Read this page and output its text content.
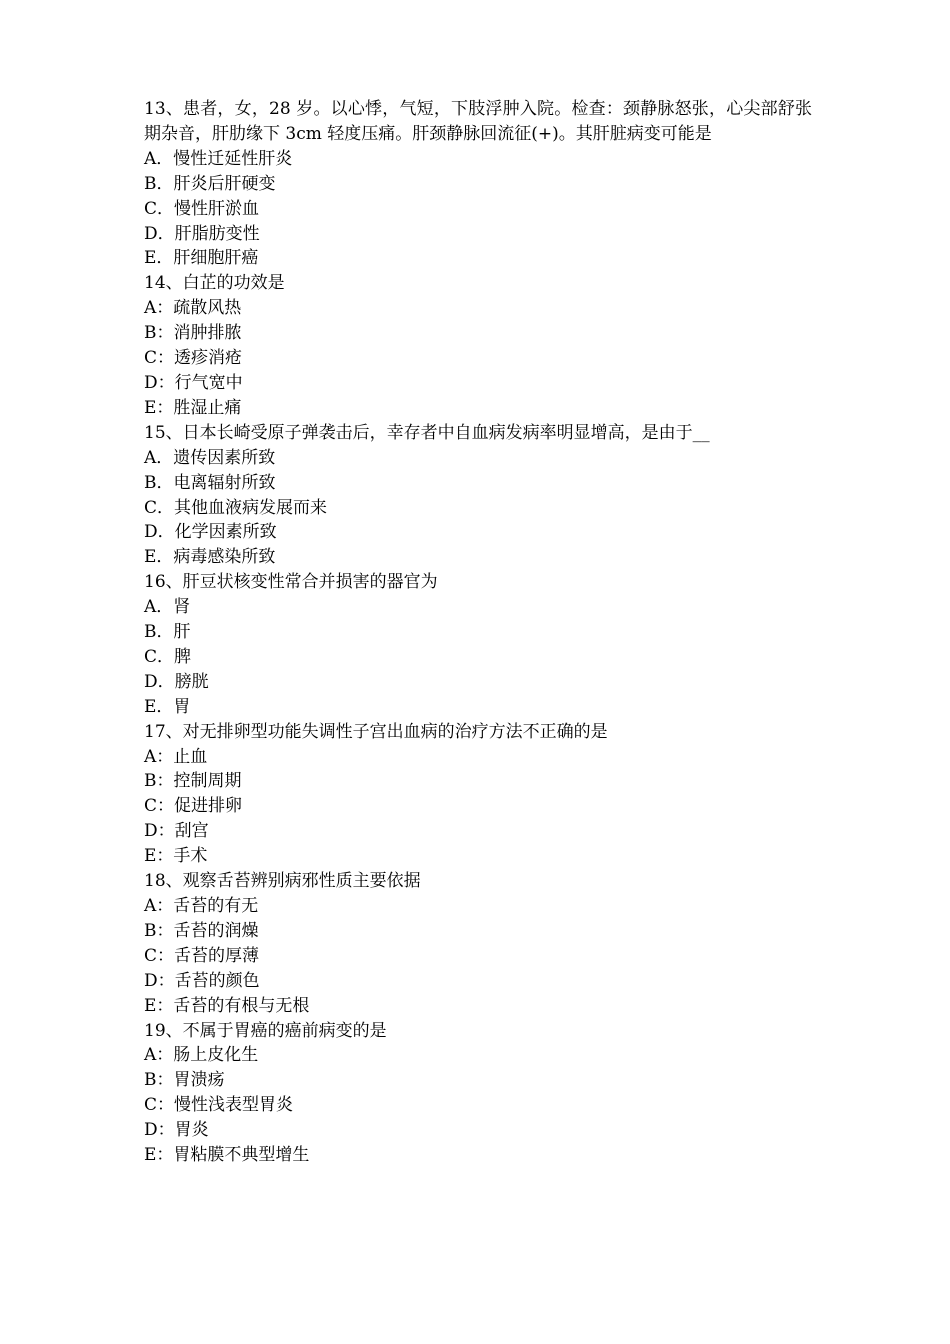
13、患者，女，28 岁。以心悸，气短，下肢浮肿入院。检查：颈静脉怒张，心尖部舒张期杂音，肝肋缘下 3cm 轻度压痛。肝颈静脉回流征(+)。其肝脏病变可能是
A．慢性迁延性肝炎
B．肝炎后肝硬变
C．慢性肝淤血
D．肝脂肪变性
E．肝细胞肝癌
14、白芷的功效是
A：疏散风热
B：消肿排脓
C：透疹消疮
D：行气宽中
E：胜湿止痛
15、日本长崎受原子弹袭击后，幸存者中自血病发病率明显增高，是由于__
A．遗传因素所致
B．电离辐射所致
C．其他血液病发展而来
D．化学因素所致
E．病毒感染所致
16、肝豆状核变性常合并损害的器官为
A．肾
B．肝
C．脾
D．膀胱
E．胃
17、对无排卵型功能失调性子宫出血病的治疗方法不正确的是
A：止血
B：控制周期
C：促进排卵
D：刮宫
E：手术
18、观察舌苔辨别病邪性质主要依据
A：舌苔的有无
B：舌苔的润燥
C：舌苔的厚薄
D：舌苔的颜色
E：舌苔的有根与无根
19、不属于胃癌的癌前病变的是
A：肠上皮化生
B：胃溃疡
C：慢性浅表型胃炎
D：胃炎
E：胃粘膜不典型增生
